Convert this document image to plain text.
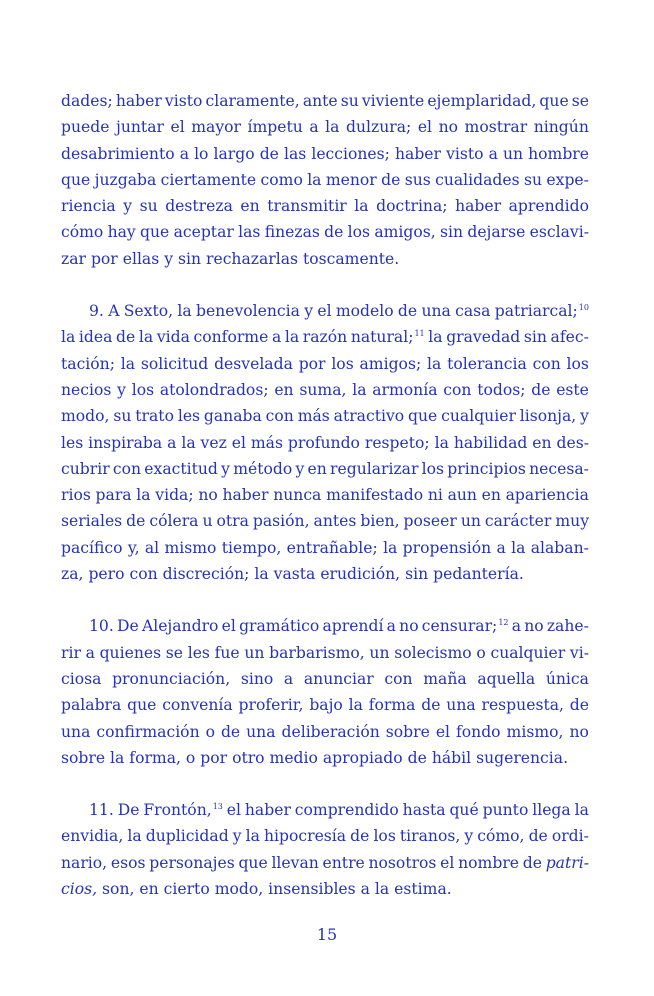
dades; haber visto claramente, ante su viviente ejemplaridad, que se
puede juntar el mayor ímpetu a la dulzura; el no mostrar ningún
desabrimiento a lo largo de las lecciones; haber visto a un hombre
que juzgaba ciertamente como la menor de sus cualidades su expe-
riencia y su destreza en transmitir la doctrina; haber aprendido
cómo hay que aceptar las finezas de los amigos, sin dejarse esclavi-
zar
por
ellas
y
sin
rechazarlas
toscamente.
9. A Sexto, la benevolencia y el modelo de una casa patriarcal;$^{10}$
la idea de la vida conforme a la razón natural;$^{11}$ la gravedad sin afec-
tación; la solicitud desvelada por los amigos; la tolerancia con los
necios y los atolondrados; en suma, la armonía con todos; de este
modo, su trato les ganaba con más atractivo que cualquier lisonja, y
les inspiraba a la vez el más profundo respeto; la habilidad en des-
cubrir con exactitud y método y en regularizar los principios necesa-
rios para la vida; no haber nunca manifestado ni aun en apariencia
seriales de cólera u otra pasión, antes bien, poseer un carácter muy
pacífico y, al mismo tiempo, entrañable; la propensión a la alaban-
za,
pero
con
discreción;
la
vasta
erudición,
sin
pedantería.
10. De Alejandro el gramático aprendí a no censurar;$^{12}$ a no zahe-
rir a quienes se les fue un barbarismo, un solecismo o cualquier vi-
ciosa pronunciación, sino a anunciar con maña aquella única
palabra que convenía proferir, bajo la forma de una respuesta, de
una confirmación o de una deliberación sobre el fondo mismo, no
sobre
la
forma,
o
por
otro
medio
apropiado
de
hábil
sugerencia.
11. De Frontón,$^{13}$ el haber comprendido hasta qué punto llega la
envidia, la duplicidad y la hipocresía de los tiranos, y cómo, de ordi-
nario, esos personajes que llevan entre nosotros el nombre de patri-
cios,
son,
en
cierto
modo,
insensibles
a
la
estima.
15
